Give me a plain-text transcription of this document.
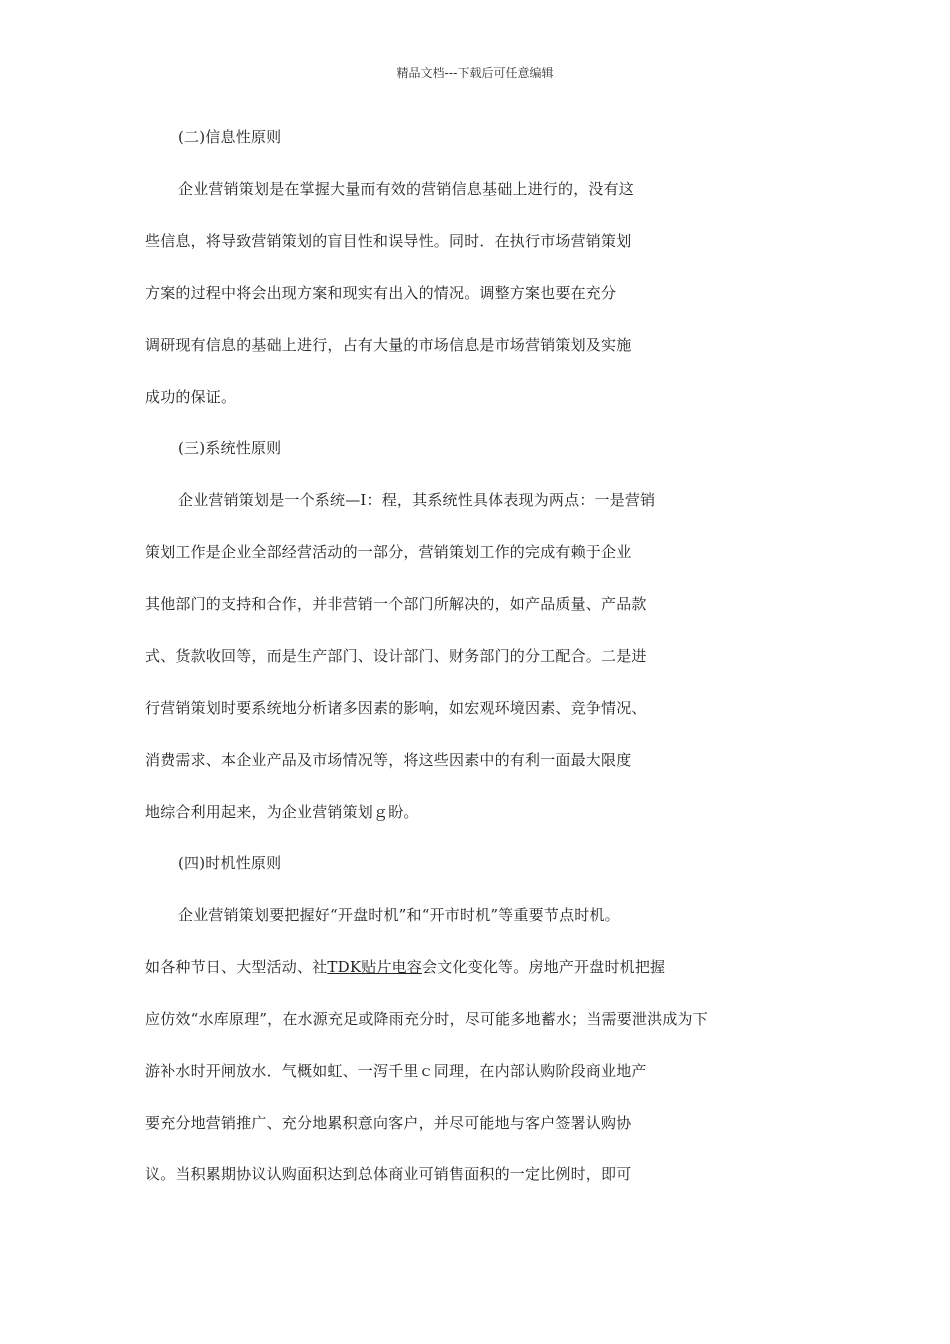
精品文档---下载后可任意编辑
(二)信息性原则
企业营销策划是在掌握大量而有效的营销信息基础上进行的，没有这
些信息，将导致营销策划的盲目性和误导性。同时．在执行市场营销策划
方案的过程中将会出现方案和现实有出入的情况。调整方案也要在充分
调研现有信息的基础上进行，占有大量的市场信息是市场营销策划及实施
成功的保证。
(三)系统性原则
企业营销策划是一个系统—I：程，其系统性具体表现为两点：一是营销
策划工作是企业全部经营活动的一部分，营销策划工作的完成有赖于企业
其他部门的支持和合作，并非营销一个部门所解决的，如产品质量、产品款
式、货款收回等，而是生产部门、设计部门、财务部门的分工配合。二是进
行营销策划时要系统地分析诸多因素的影响，如宏观环境因素、竞争情况、
消费需求、本企业产品及市场情况等，将这些因素中的有利一面最大限度
地综合利用起来，为企业营销策划ｇ盼。
(四)时机性原则
企业营销策划要把握好“开盘时机”和“开市时机”等重要节点时机。
如各种节日、大型活动、社TDK贴片电容会文化变化等。房地产开盘时机把握
应仿效“水库原理”，在水源充足或降雨充分时，尽可能多地蓄水；当需要泄洪成为下
游补水时开闸放水．气概如虹、一泻千里ｃ同理，在内部认购阶段商业地产
要充分地营销推广、充分地累积意向客户，并尽可能地与客户签署认购协
议。当积累期协议认购面积达到总体商业可销售面积的一定比例时，即可
